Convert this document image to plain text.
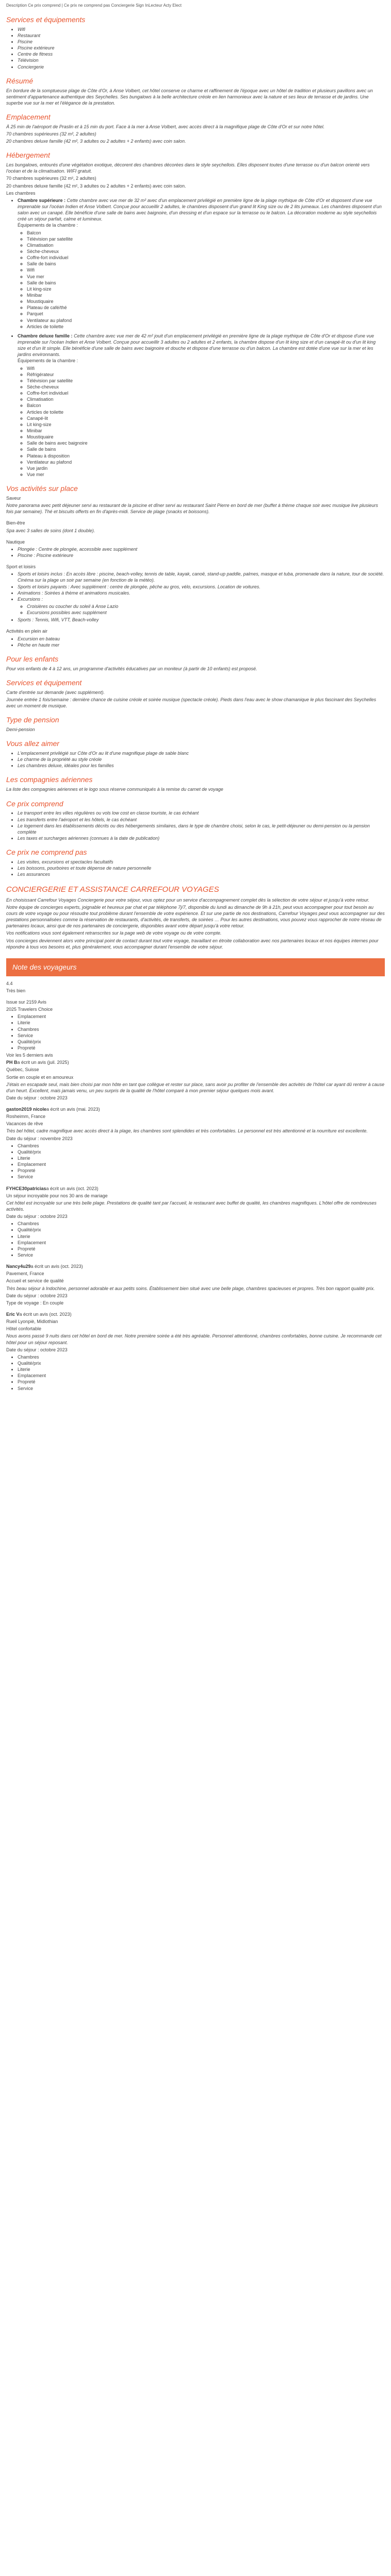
Description Ce prix comprend | Ce prix ne comprend pas Conciergerie Sign InLecteur Acty Elect
Services et équipements
• Wifi
• Restaurant
• Piscine
• Piscine extérieure
• Centre de fitness
• Télévision
• Conciergerie
Résumé

En bordure de la somptueuse plage de Côte d'Or, à Anse Volbert, cet hôtel conserve ce charme et raffinement de l'époque avec un hôtel de tradition et plusieurs pavillons avec un sentiment d'appartenance authentique des Seychelles. Ses bungalows à la belle architecture créole en lien harmonieux avec la nature et ses lieux de terrasse et de jardins. Une superbe vue sur la mer et l'élégance de la prestation.

Emplacement

À 25 min de l'aéroport de Praslin et à 15 min du port. Face à la mer à Anse Volbert, avec accès direct à la magnifique plage de Côte d'Or et sur notre hôtel.

70 chambres supérieures (32 m², 2 adultes)

20 chambres deluxe famille (42 m², 3 adultes ou 2 adultes + 2 enfants) avec coin salon.

Hébergement

Les bungalows, entourés d'une végétation exotique, décorent des chambres décorées dans le style seychellois. Elles disposent toutes d'une terrasse ou d'un balcon orienté vers l'océan et de la climatisation. WIFI gratuit.

70 chambres supérieures (32 m², 2 adultes)

20 chambres deluxe famille (42 m², 3 adultes ou 2 adultes + 2 enfants) avec coin salon.

Les chambres

• Chambre supérieure : Cette chambre avec vue mer de 32 m² avec d'un emplacement privilégié en première ligne de la plage mythique de Côte d'Or et disposent d'une vue imprenable sur l'océan Indien et Anse Volbert. Conçue pour accueillir 2 adultes, le chambres disposent d'un grand lit King size ou de 2 lits jumeaux. Les chambres disposent d'un salon avec un canapé. Elle bénéficie d'une salle de bains avec baignoire, d'un dressing et d'un espace sur la terrasse ou le balcon. La décoration moderne au style seychellois créé un séjour parfait, calme et lumineux.
Équipements de la chambre :
◦ Balcon
◦ Télévision par satellite
◦ Climatisation
◦ Sèche-cheveux
◦ Coffre-fort individuel
◦ Salle de bains
◦ Wifi
◦ Vue mer
◦ Salle de bains
◦ Lit king-size
◦ Minibar
◦ Moustiquaire
◦ Plateau de café/thé
◦ Parquet
◦ Ventilateur au plafond
◦ Articles de toilette
• Chambre deluxe famille : Cette chambre avec vue mer de 42 m² jouit d'un emplacement privilégié en première ligne de la plage mythique de Côte d'Or et dispose d'une vue imprenable sur l'océan Indien et Anse Volbert. Conçue pour accueillir 3 adultes ou 2 adultes et 2 enfants, la chambre dispose d'un lit king size et d'un canapé-lit ou d'un lit king size et d'un lit simple. Elle bénéficie d'une salle de bains avec baignoire et douche et dispose d'une terrasse ou d'un balcon. La chambre est dotée d'une vue sur la mer et les jardins environnants.
Équipements de la chambre :
◦ Wifi
◦ Réfrigérateur
◦ Télévision par satellite
◦ Sèche-cheveux
◦ Coffre-fort individuel
◦ Climatisation
◦ Balcon
◦ Articles de toilette
◦ Canapé-lit
◦ Lit king-size
◦ Minibar
◦ Moustiquaire
◦ Salle de bains avec baignoire
◦ Salle de bains
◦ Plateau à disposition
◦ Ventilateur au plafond
◦ Vue jardin
◦ Vue mer
Vos activités sur place

Saveur

Notre panorama avec petit déjeuner servi au restaurant de la piscine et dîner servi au restaurant Saint Pierre en bord de mer (buffet à thème chaque soir avec musique live plusieurs fois par semaine). Thé et biscuits offerts en fin d'après-midi. Service de plage (snacks et boissons).

Bien-être

Spa avec 3 salles de soins (dont 1 double).

Nautique

• Plongée : Centre de plongée, accessible avec supplément
• Piscine : Piscine extérieure

Sport et loisirs

• Sports et loisirs inclus : En accès libre : piscine, beach-volley, tennis de table, kayak, canoë, stand-up paddle, palmes, masque et tuba, promenade dans la nature, tour de société. Cinéma sur la plage un soir par semaine (en fonction de la météo).
• Sports et loisirs payants : Avec supplément : centre de plongée, pêche au gros, vélo, excursions. Location de voitures.
• Animations : Soirées à thème et animations musicales.
• Excursions :
◦ Croisières ou coucher du soleil à Anse Lazio
◦ Excursions possibles avec supplément
• Sports : Tennis, Wifi, VTT, Beach-volley

Activités en plein air

• Excursion en bateau
• Pêche en haute mer
Pour les enfants

Pour vos enfants de 4 à 12 ans, un programme d'activités éducatives par un moniteur (à partir de 10 enfants) est proposé.

Services et équipement

Carte d'entrée sur demande (avec supplément).

Journée entrée 1 fois/semaine : dernière chance de cuisine créole et soirée musique (spectacle créole). Pieds dans l'eau avec le show chamanique le plus fascinant des Seychelles avec un moment de musique.

Type de pension

Demi-pension

Vous allez aimer
• L'emplacement privilégié sur Côte d'Or au lit d'une magnifique plage de sable blanc
• Le charme de la propriété au style créole
• Les chambres deluxe, idéales pour les familles
Les compagnies aériennes

La liste des compagnies aériennes et le logo sous réserve communiqués à la remise du carnet de voyage

Ce prix comprend
• Le transport entre les villes régulières ou vols low cost en classe touriste, le cas échéant
• Les transferts entre l'aéroport et les hôtels, le cas échéant
• Le logement dans les établissements décrits ou des hébergements similaires, dans le type de chambre choisi, selon le cas, le petit-déjeuner ou demi-pension ou la pension complète
• Les taxes et surcharges aériennes (connues à la date de publication)
Ce prix ne comprend pas
• Les visites, excursions et spectacles facultatifs
• Les boissons, pourboires et toute dépense de nature personnelle
• Les assurances
CONCIERGERIE ET ASSISTANCE CARREFOUR VOYAGES

En choisissant Carrefour Voyages Conciergerie pour votre séjour, vous optez pour un service d'accompagnement complet dès la sélection de votre séjour et jusqu'à votre retour.

Notre équipe de concierges experts, joignable et heureux par chat et par téléphone 7j/7, disponible du lundi au dimanche de 9h à 21h, peut vous accompagner pour tout besoin au cours de votre voyage ou pour résoudre tout problème durant l'ensemble de votre expérience. Et sur une partie de nos destinations, Carrefour Voyages peut vous accompagner sur des prestations personnalisées comme la réservation de restaurants, d'activités, de transferts, de soirées … Pour les autres destinations, vous pouvez vous rapprocher de notre réseau de partenaires locaux, ainsi que de nos partenaires de conciergerie, disponibles avant votre départ jusqu'à votre retour.

Vos notifications vous sont également retranscrites sur la page web de votre voyage ou de votre compte.

Vos concierges deviennent alors votre principal point de contact durant tout votre voyage, travaillant en étroite collaboration avec nos partenaires locaux et nos équipes internes pour répondre à tous vos besoins et, plus généralement, vous accompagner durant l'ensemble de votre séjour.

Note des voyageurs

4.4

Très bien

Issue sur 2159 Avis

2025 Travelers Choice

• Emplacement
• Literie
• Chambres
• Service
• Qualité/prix
• Propreté

Voir les 5 derniers avis

PH Ba écrit un avis (juil. 2025)

Québec, Suisse

Sortie en couple et en amoureux

J'étais en escapade seul, mais bien choisi par mon hôte en tant que collègue et rester sur place, sans avoir pu profiter de l'ensemble des activités de l'hôtel car ayant dû rentrer à cause d'un heurt. Excellent, mais jamais venu, un peu surpris de la qualité de l'hôtel comparé à mon premier séjour quelques mois avant.

Date du séjour : octobre 2023

gaston2019 nicolea écrit un avis (mai. 2023)

Rosheimm, France

Vacances de rêve

Très bel hôtel, cadre magnifique avec accès direct à la plage, les chambres sont splendides et très confortables. Le personnel est très attentionné et la nourriture est excellente.

Date du séjour : novembre 2023

• Chambres
• Qualité/prix
• Literie
• Emplacement
• Propreté
• Service

FYHCE30patriciasa écrit un avis (oct. 2023)

Un séjour incroyable pour nos 30 ans de mariage

Cet hôtel est incroyable sur une très belle plage. Prestations de qualité tant par l'accueil, le restaurant avec buffet de qualité, les chambres magnifiques. L'hôtel offre de nombreuses activités.

Date du séjour : octobre 2023

• Chambres
• Qualité/prix
• Literie
• Emplacement
• Propreté
• Service

Nancy4u29a écrit un avis (oct. 2023)

Pavement, France

Accueil et service de qualité

Très beau séjour à Indochine, personnel adorable et aux petits soins. Établissement bien situé avec une belle plage, chambres spacieuses et propres. Très bon rapport qualité prix.

Date du séjour : octobre 2023

Type de voyage : En couple

Eric Va écrit un avis (oct. 2023)

Rueil Lyonpiè, Midlothian

Hôtel confortable

Nous avons passé 9 nuits dans cet hôtel en bord de mer. Notre première soirée a été très agréable. Personnel attentionné, chambres confortables, bonne cuisine. Je recommande cet hôtel pour un séjour reposant.

Date du séjour : octobre 2023

• Chambres
• Qualité/prix
• Literie
• Emplacement
• Propreté
• Service
